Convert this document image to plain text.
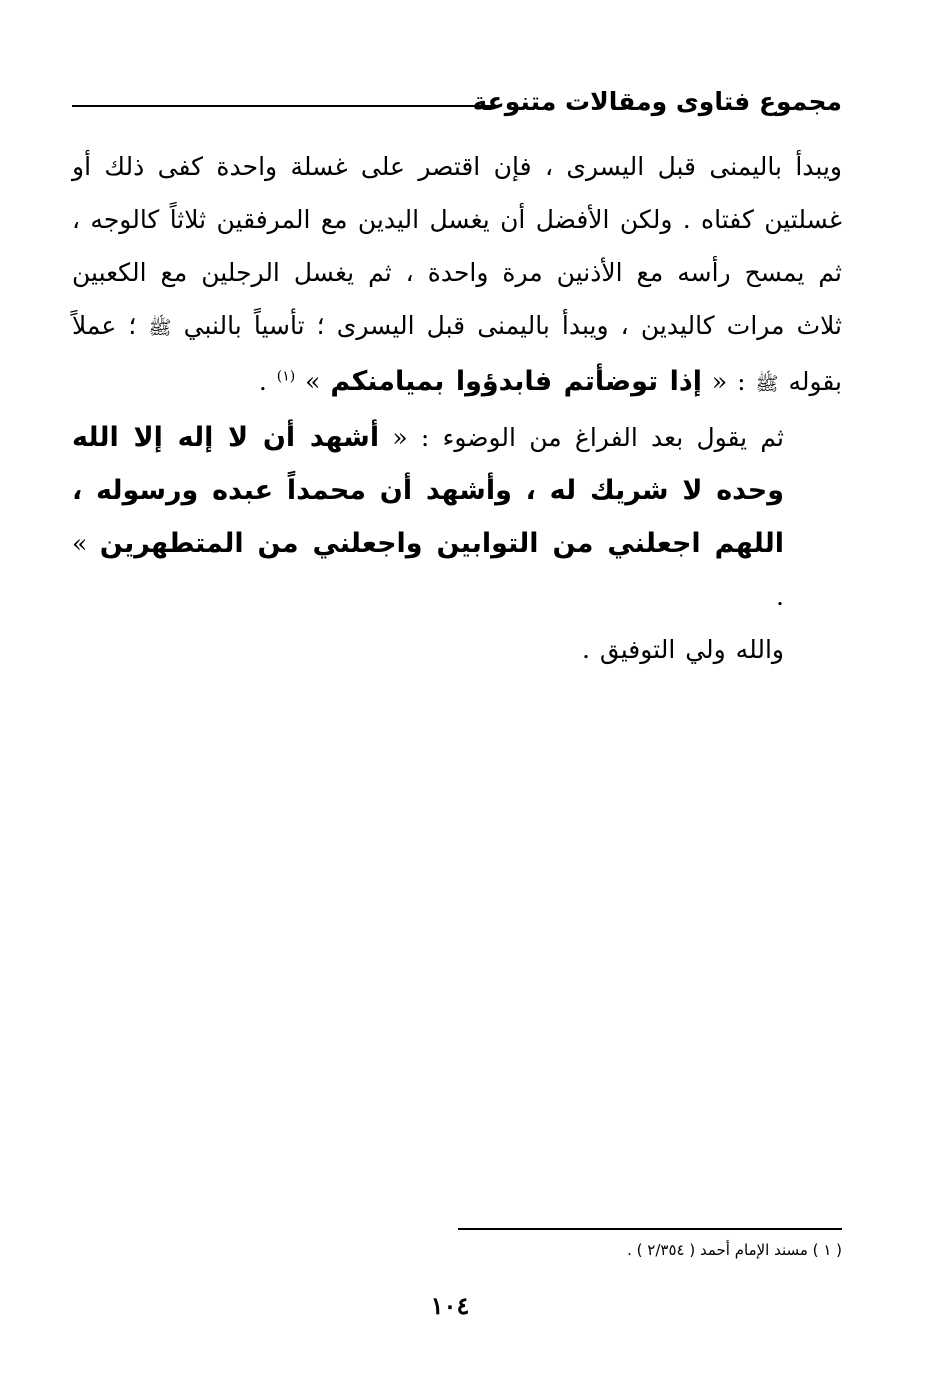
مجموع فتاوى ومقالات متنوعة

ويبدأ باليمنى قبل اليسرى ، فإن اقتصر على غسلة واحدة كفى ذلك أو غسلتين كفتاه . ولكن الأفضل أن يغسل اليدين مع المرفقين ثلاثاً كالوجه ، ثم يمسح رأسه مع الأذنين مرة واحدة ، ثم يغسل الرجلين مع الكعبين ثلاث مرات كاليدين ، ويبدأ باليمنى قبل اليسرى ؛ تأسياً بالنبي ﷺ ؛ عملاً بقوله ﷺ : « إذا توضأتم فابدؤوا بميامنكم » $^{(١)}$ .

ثم يقول بعد الفراغ من الوضوء : « أشهد أن لا إله إلا الله وحده لا شريك له ، وأشهد أن محمداً عبده ورسوله ، اللهم اجعلني من التوابين واجعلني من المتطهرين » .

والله ولي التوفيق .

( ١ ) مسند الإمام أحمد ( ٢/٣٥٤ ) .
١٠٤
